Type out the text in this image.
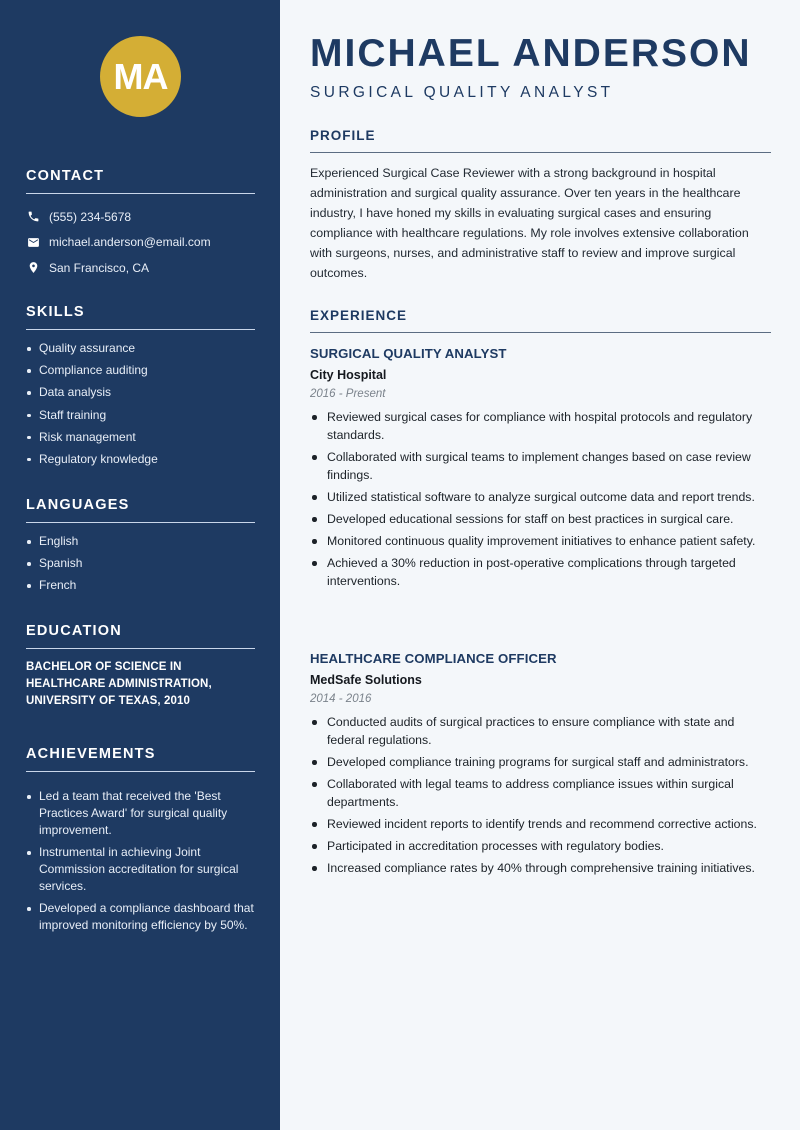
MA
CONTACT
(555) 234-5678
michael.anderson@email.com
San Francisco, CA
SKILLS
Quality assurance
Compliance auditing
Data analysis
Staff training
Risk management
Regulatory knowledge
LANGUAGES
English
Spanish
French
EDUCATION

BACHELOR OF SCIENCE IN HEALTHCARE ADMINISTRATION, UNIVERSITY OF TEXAS, 2010

ACHIEVEMENTS
Led a team that received the 'Best Practices Award' for surgical quality improvement.
Instrumental in achieving Joint Commission accreditation for surgical services.
Developed a compliance dashboard that improved monitoring efficiency by 50%.
MICHAEL ANDERSON
SURGICAL QUALITY ANALYST
PROFILE

Experienced Surgical Case Reviewer with a strong background in hospital administration and surgical quality assurance. Over ten years in the healthcare industry, I have honed my skills in evaluating surgical cases and ensuring compliance with healthcare regulations. My role involves extensive collaboration with surgeons, nurses, and administrative staff to review and improve surgical outcomes.

EXPERIENCE
SURGICAL QUALITY ANALYST
City Hospital
2016 - Present
Reviewed surgical cases for compliance with hospital protocols and regulatory standards.
Collaborated with surgical teams to implement changes based on case review findings.
Utilized statistical software to analyze surgical outcome data and report trends.
Developed educational sessions for staff on best practices in surgical care.
Monitored continuous quality improvement initiatives to enhance patient safety.
Achieved a 30% reduction in post-operative complications through targeted interventions.
HEALTHCARE COMPLIANCE OFFICER
MedSafe Solutions
2014 - 2016
Conducted audits of surgical practices to ensure compliance with state and federal regulations.
Developed compliance training programs for surgical staff and administrators.
Collaborated with legal teams to address compliance issues within surgical departments.
Reviewed incident reports to identify trends and recommend corrective actions.
Participated in accreditation processes with regulatory bodies.
Increased compliance rates by 40% through comprehensive training initiatives.
